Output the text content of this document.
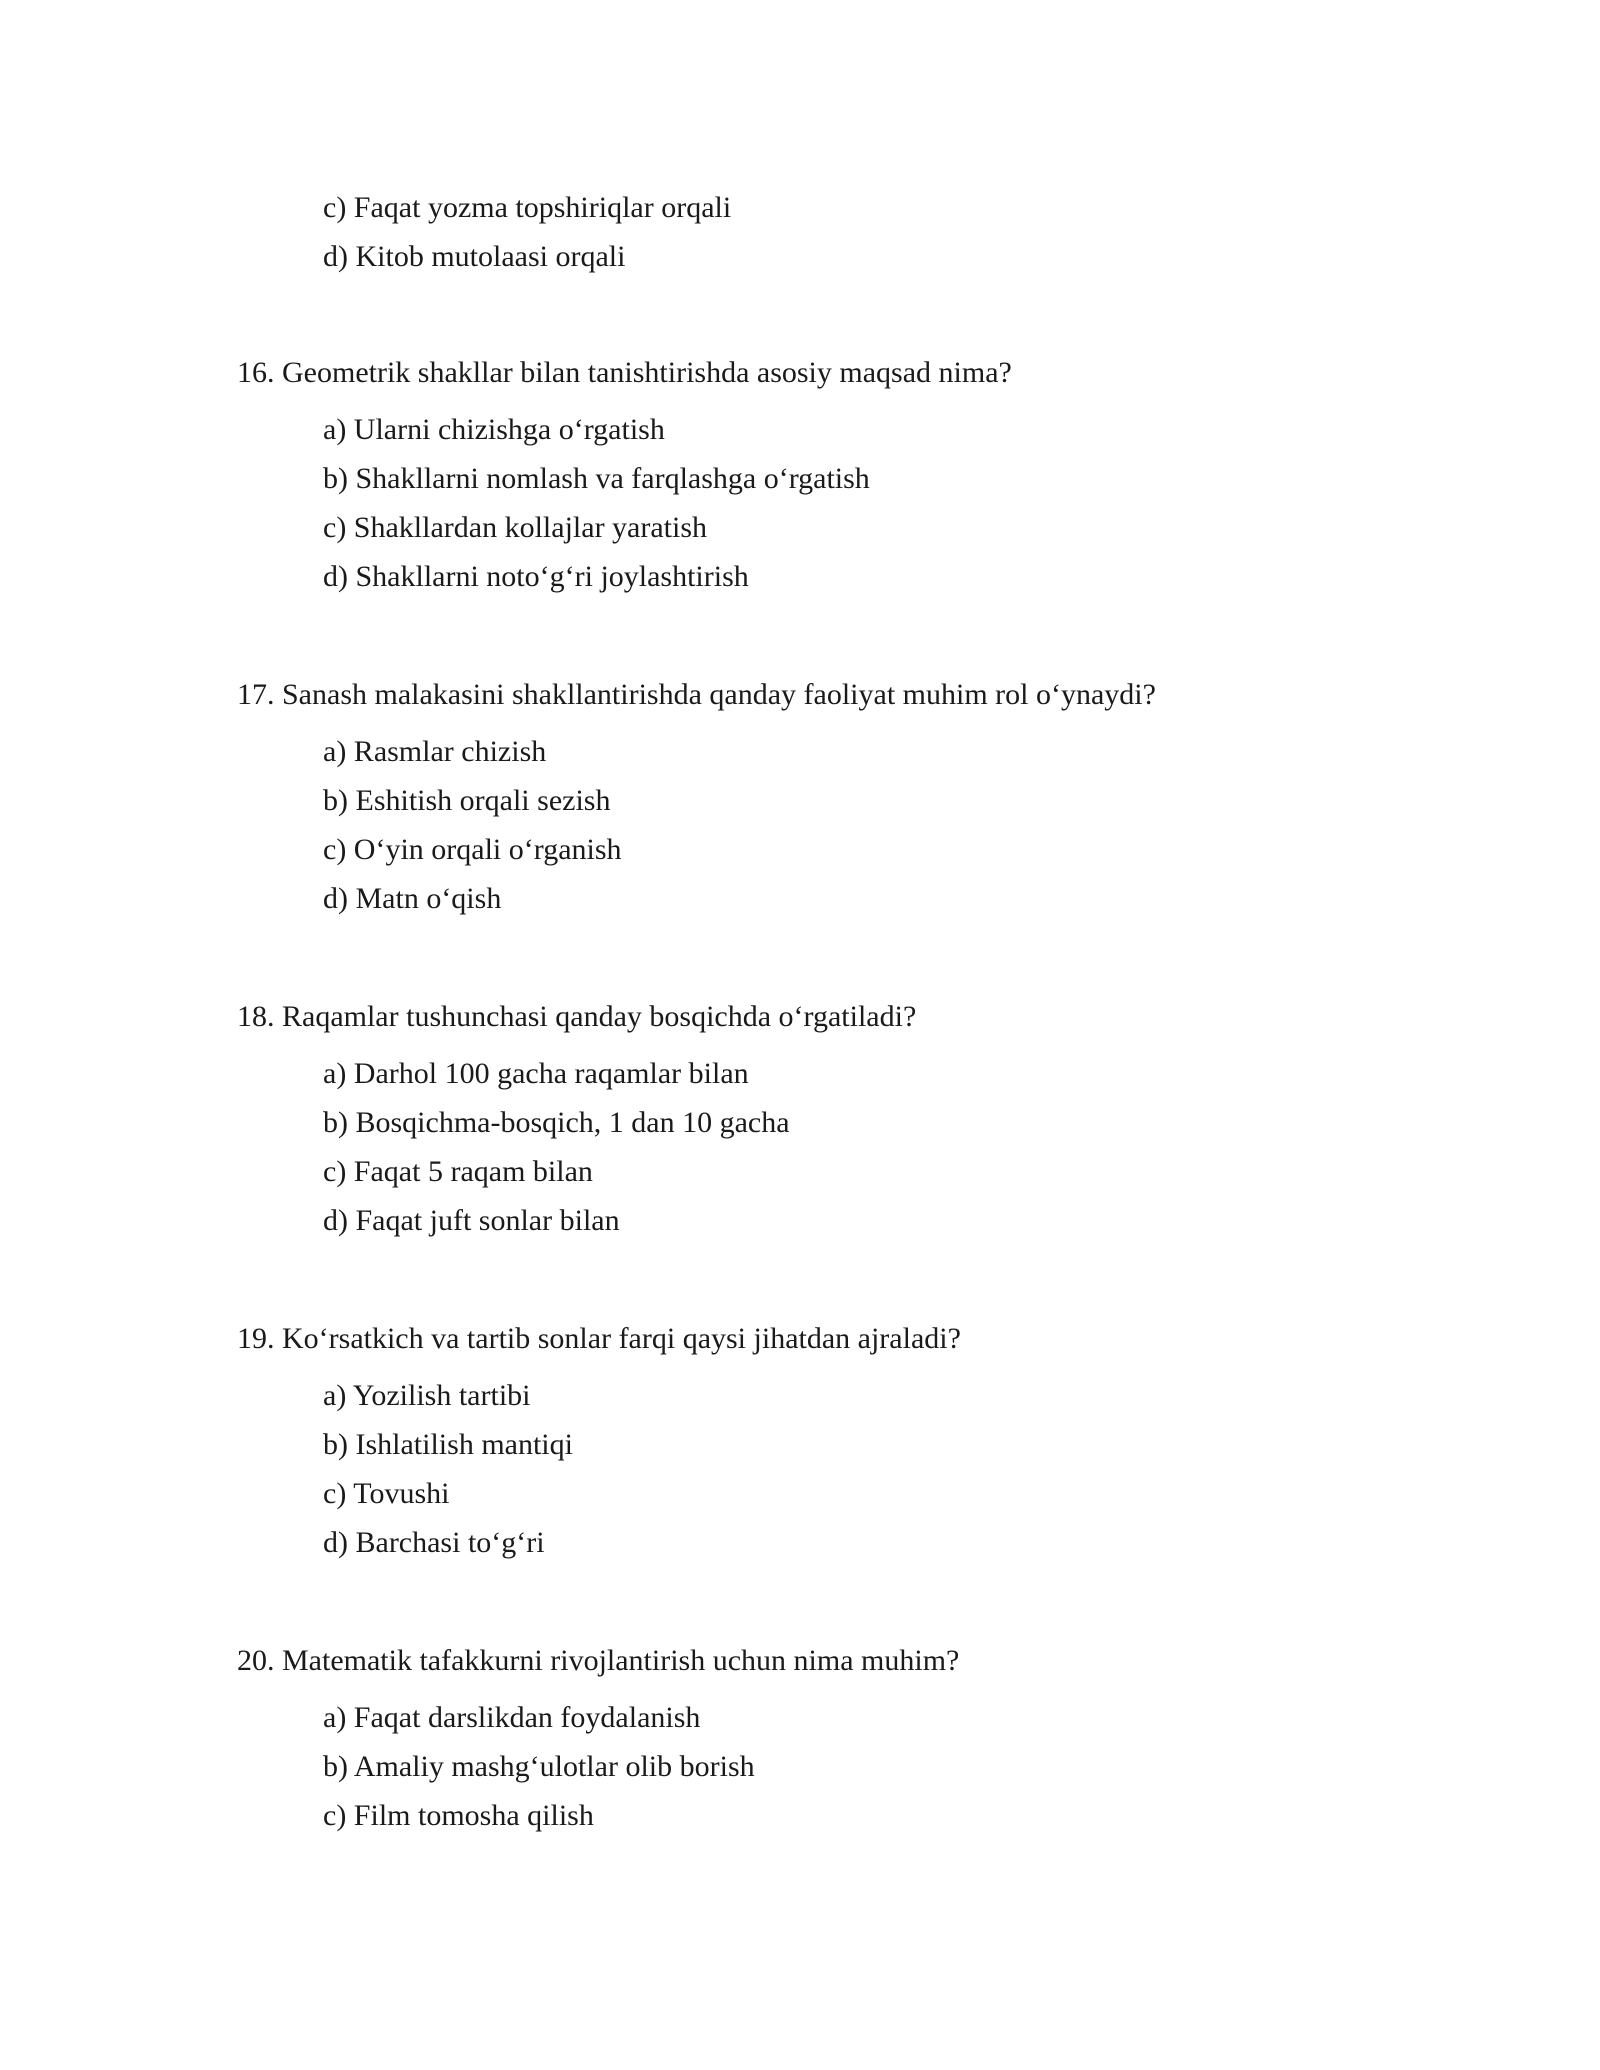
c) Faqat yozma topshiriqlar orqali
d) Kitob mutolaasi orqali
16. Geometrik shakllar bilan tanishtirishda asosiy maqsad nima?
a) Ularni chizishga o‘rgatish
b) Shakllarni nomlash va farqlashga o‘rgatish
c) Shakllardan kollajlar yaratish
d) Shakllarni noto‘g‘ri joylashtirish
17. Sanash malakasini shakllantirishda qanday faoliyat muhim rol o‘ynaydi?
a) Rasmlar chizish
b) Eshitish orqali sezish
c) O‘yin orqali o‘rganish
d) Matn o‘qish
18. Raqamlar tushunchasi qanday bosqichda o‘rgatiladi?
a) Darhol 100 gacha raqamlar bilan
b) Bosqichma-bosqich, 1 dan 10 gacha
c) Faqat 5 raqam bilan
d) Faqat juft sonlar bilan
19. Ko‘rsatkich va tartib sonlar farqi qaysi jihatdan ajraladi?
a) Yozilish tartibi
b) Ishlatilish mantiqi
c) Tovushi
d) Barchasi to‘g‘ri
20. Matematik tafakkurni rivojlantirish uchun nima muhim?
a) Faqat darslikdan foydalanish
b) Amaliy mashg‘ulotlar olib borish
c) Film tomosha qilish
